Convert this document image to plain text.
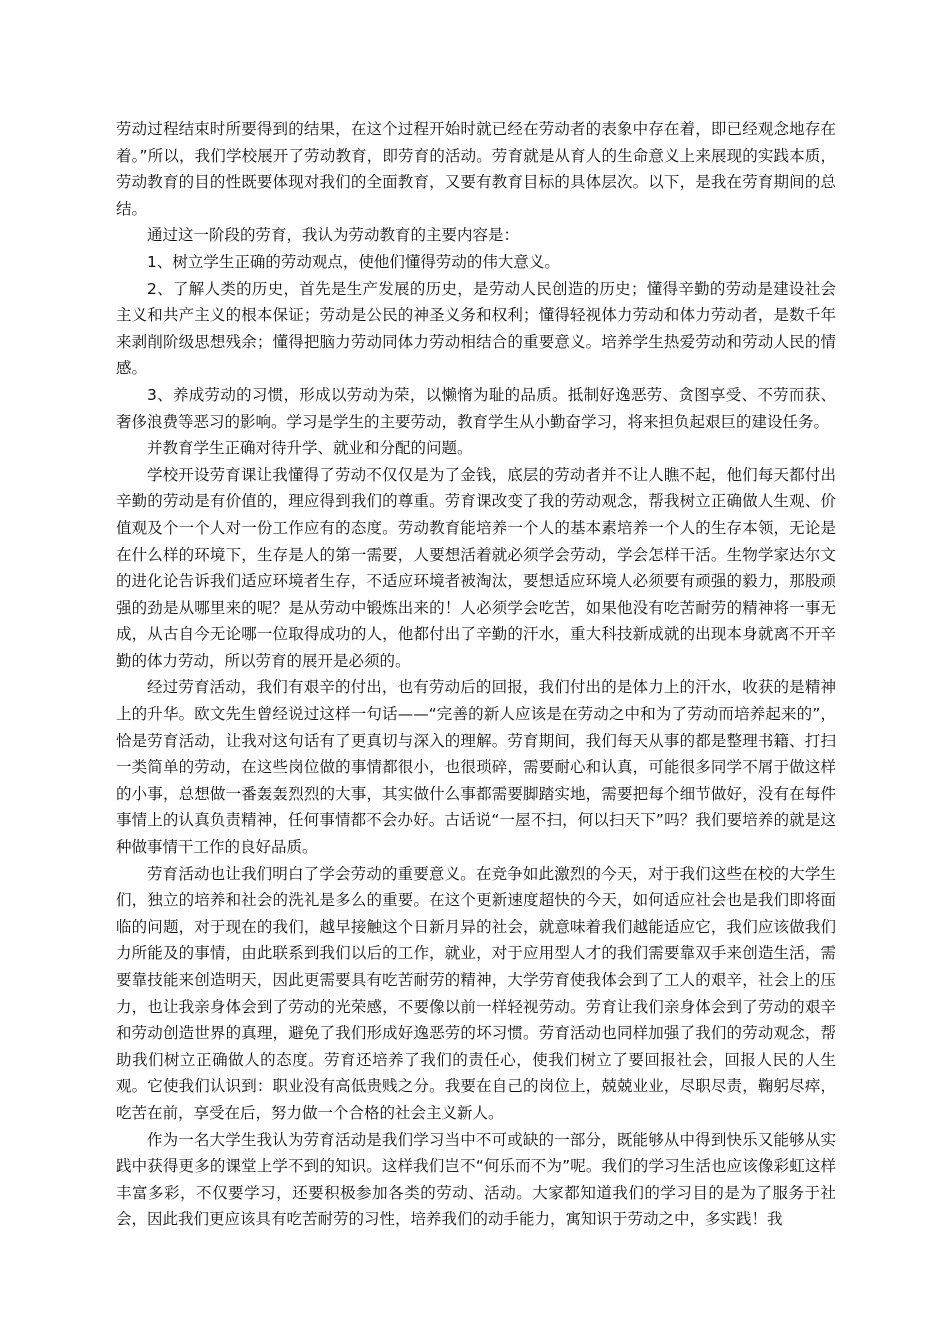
劳动过程结束时所要得到的结果，在这个过程开始时就已经在劳动者的表象中存在着，即已经观念地存在着。”所以，我们学校展开了劳动教育，即劳育的活动。劳育就是从育人的生命意义上来展现的实践本质，劳动教育的目的性既要体现对我们的全面教育，又要有教育目标的具体层次。以下，是我在劳育期间的总结。

通过这一阶段的劳育，我认为劳动教育的主要内容是：

1、树立学生正确的劳动观点，使他们懂得劳动的伟大意义。

2、了解人类的历史，首先是生产发展的历史，是劳动人民创造的历史；懂得辛勤的劳动是建设社会主义和共产主义的根本保证；劳动是公民的神圣义务和权利；懂得轻视体力劳动和体力劳动者，是数千年来剥削阶级思想残余；懂得把脑力劳动同体力劳动相结合的重要意义。培养学生热爱劳动和劳动人民的情感。

3、养成劳动的习惯，形成以劳动为荣，以懒惰为耻的品质。抵制好逸恶劳、贪图享受、不劳而获、奢侈浪费等恶习的影响。学习是学生的主要劳动，教育学生从小勤奋学习，将来担负起艰巨的建设任务。

并教育学生正确对待升学、就业和分配的问题。

学校开设劳育课让我懂得了劳动不仅仅是为了金钱，底层的劳动者并不让人瞧不起，他们每天都付出辛勤的劳动是有价值的，理应得到我们的尊重。劳育课改变了我的劳动观念，帮我树立正确做人生观、价值观及个一个人对一份工作应有的态度。劳动教育能培养一个人的基本素培养一个人的生存本领，无论是在什么样的环境下，生存是人的第一需要，人要想活着就必须学会劳动，学会怎样干活。生物学家达尔文的进化论告诉我们适应环境者生存，不适应环境者被淘汰，要想适应环境人必须要有顽强的毅力，那股顽强的劲是从哪里来的呢？是从劳动中锻炼出来的！人必须学会吃苦，如果他没有吃苦耐劳的精神将一事无成，从古自今无论哪一位取得成功的人，他都付出了辛勤的汗水，重大科技新成就的出现本身就离不开辛勤的体力劳动，所以劳育的展开是必须的。

经过劳育活动，我们有艰辛的付出，也有劳动后的回报，我们付出的是体力上的汗水，收获的是精神上的升华。欧文先生曾经说过这样一句话——“完善的新人应该是在劳动之中和为了劳动而培养起来的”，恰是劳育活动，让我对这句话有了更真切与深入的理解。劳育期间，我们每天从事的都是整理书籍、打扫一类简单的劳动，在这些岗位做的事情都很小，也很琐碎，需要耐心和认真，可能很多同学不屑于做这样的小事，总想做一番轰轰烈烈的大事，其实做什么事都需要脚踏实地，需要把每个细节做好，没有在每件事情上的认真负责精神，任何事情都不会办好。古话说“一屋不扫，何以扫天下”吗？我们要培养的就是这种做事情干工作的良好品质。

劳育活动也让我们明白了学会劳动的重要意义。在竞争如此激烈的今天，对于我们这些在校的大学生们，独立的培养和社会的洗礼是多么的重要。在这个更新速度超快的今天，如何适应社会也是我们即将面临的问题，对于现在的我们，越早接触这个日新月异的社会，就意味着我们越能适应它，我们应该做我们力所能及的事情，由此联系到我们以后的工作，就业，对于应用型人才的我们需要靠双手来创造生活，需要靠技能来创造明天，因此更需要具有吃苦耐劳的精神，大学劳育使我体会到了工人的艰辛，社会上的压力，也让我亲身体会到了劳动的光荣感，不要像以前一样轻视劳动。劳育让我们亲身体会到了劳动的艰辛和劳动创造世界的真理，避免了我们形成好逸恶劳的坏习惯。劳育活动也同样加强了我们的劳动观念，帮助我们树立正确做人的态度。劳育还培养了我们的责任心，使我们树立了要回报社会，回报人民的人生观。它使我们认识到：职业没有高低贵贱之分。我要在自己的岗位上，兢兢业业，尽职尽责，鞠躬尽瘁，吃苦在前，享受在后，努力做一个合格的社会主义新人。

作为一名大学生我认为劳育活动是我们学习当中不可或缺的一部分，既能够从中得到快乐又能够从实践中获得更多的课堂上学不到的知识。这样我们岂不“何乐而不为”呢。我们的学习生活也应该像彩虹这样丰富多彩，不仅要学习，还要积极参加各类的劳动、活动。大家都知道我们的学习目的是为了服务于社会，因此我们更应该具有吃苦耐劳的习性，培养我们的动手能力，寓知识于劳动之中，多实践！我
